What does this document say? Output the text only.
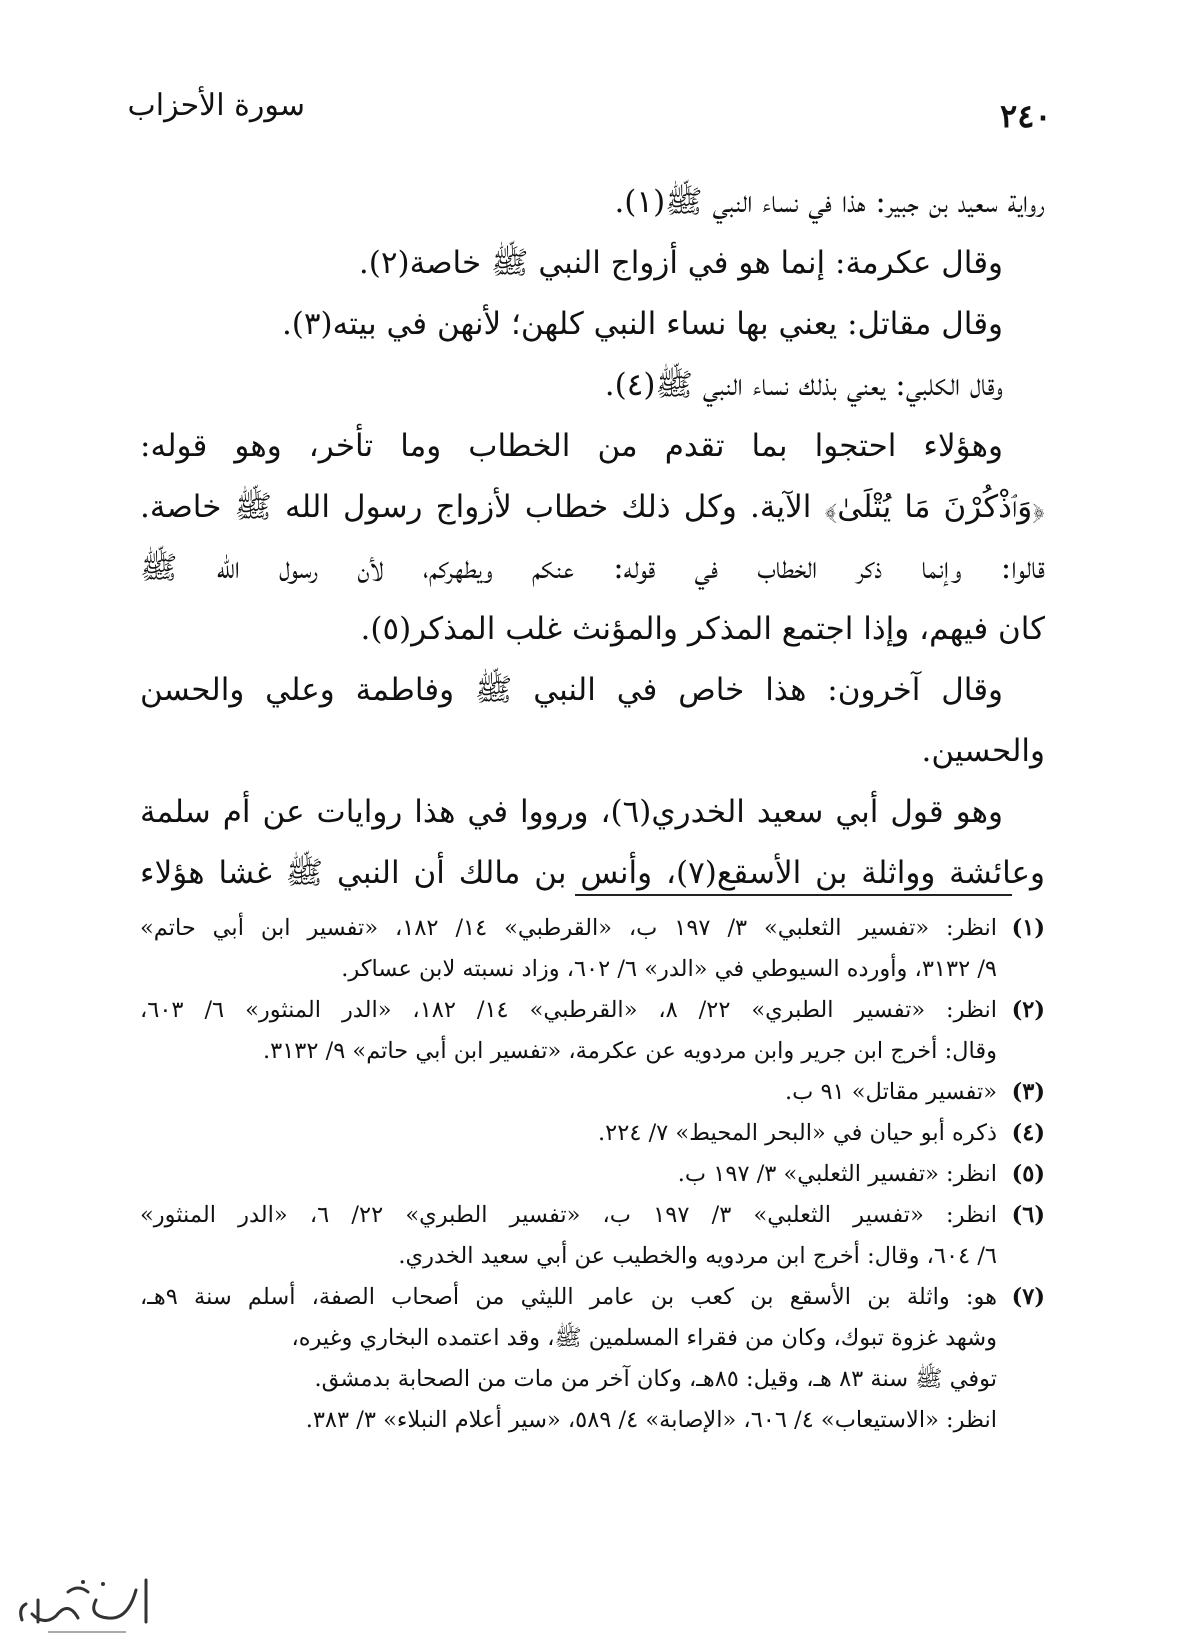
سورة الأحزاب	٢٤٠
رواية سعيد بن جبير: هذا في نساء النبي ﷺ(١).
وقال عكرمة: إنما هو في أزواج النبي ﷺ خاصة(٢).
وقال مقاتل: يعني بها نساء النبي كلهن؛ لأنهن في بيته(٣).
وقال الكلبي: يعني بذلك نساء النبي ﷺ(٤).
وهؤلاء احتجوا بما تقدم من الخطاب وما تأخر، وهو قوله:
﴿وَٱذْكُرْنَ مَا يُتْلَىٰ﴾ الآية. وكل ذلك خطاب لأزواج رسول الله ﷺ خاصة.
قالوا: وإنما ذكر الخطاب في قوله: عنكم ويطهركم، لأن رسول الله ﷺ
كان فيهم، وإذا اجتمع المذكر والمؤنث غلب المذكر(٥).
وقال آخرون: هذا خاص في النبي ﷺ وفاطمة وعلي والحسن
والحسين.
وهو قول أبي سعيد الخدري(٦)، ورووا في هذا روايات عن أم سلمة
وعائشة وواثلة بن الأسقع(٧)، وأنس بن مالك أن النبي ﷺ غشا هؤلاء
(١)انظر: «تفسير الثعلبي» ٣/ ١٩٧ ب، «القرطبي» ١٤/ ١٨٢، «تفسير ابن أبي حاتم»
٩/ ٣١٣٢، وأورده السيوطي في «الدر» ٦/ ٦٠٢، وزاد نسبته لابن عساكر.
(٢)انظر: «تفسير الطبري» ٢٢/ ٨، «القرطبي» ١٤/ ١٨٢، «الدر المنثور» ٦/ ٦٠٣،
وقال: أخرج ابن جرير وابن مردويه عن عكرمة، «تفسير ابن أبي حاتم» ٩/ ٣١٣٢.
(٣)«تفسير مقاتل» ٩١ ب.
(٤)ذكره أبو حيان في «البحر المحيط» ٧/ ٢٢٤.
(٥)انظر: «تفسير الثعلبي» ٣/ ١٩٧ ب.
(٦)انظر: «تفسير الثعلبي» ٣/ ١٩٧ ب، «تفسير الطبري» ٢٢/ ٦، «الدر المنثور»
٦/ ٦٠٤، وقال: أخرج ابن مردويه والخطيب عن أبي سعيد الخدري.
(٧)هو: واثلة بن الأسقع بن كعب بن عامر الليثي من أصحاب الصفة، أسلم سنة ٩هـ،
وشهد غزوة تبوك، وكان من فقراء المسلمين ﷺ، وقد اعتمده البخاري وغيره،
توفي ﷺ سنة ٨٣ هـ، وقيل: ٨٥هـ، وكان آخر من مات من الصحابة بدمشق.
انظر: «الاستيعاب» ٤/ ٦٠٦، «الإصابة» ٤/ ٥٨٩، «سير أعلام النبلاء» ٣/ ٣٨٣.
